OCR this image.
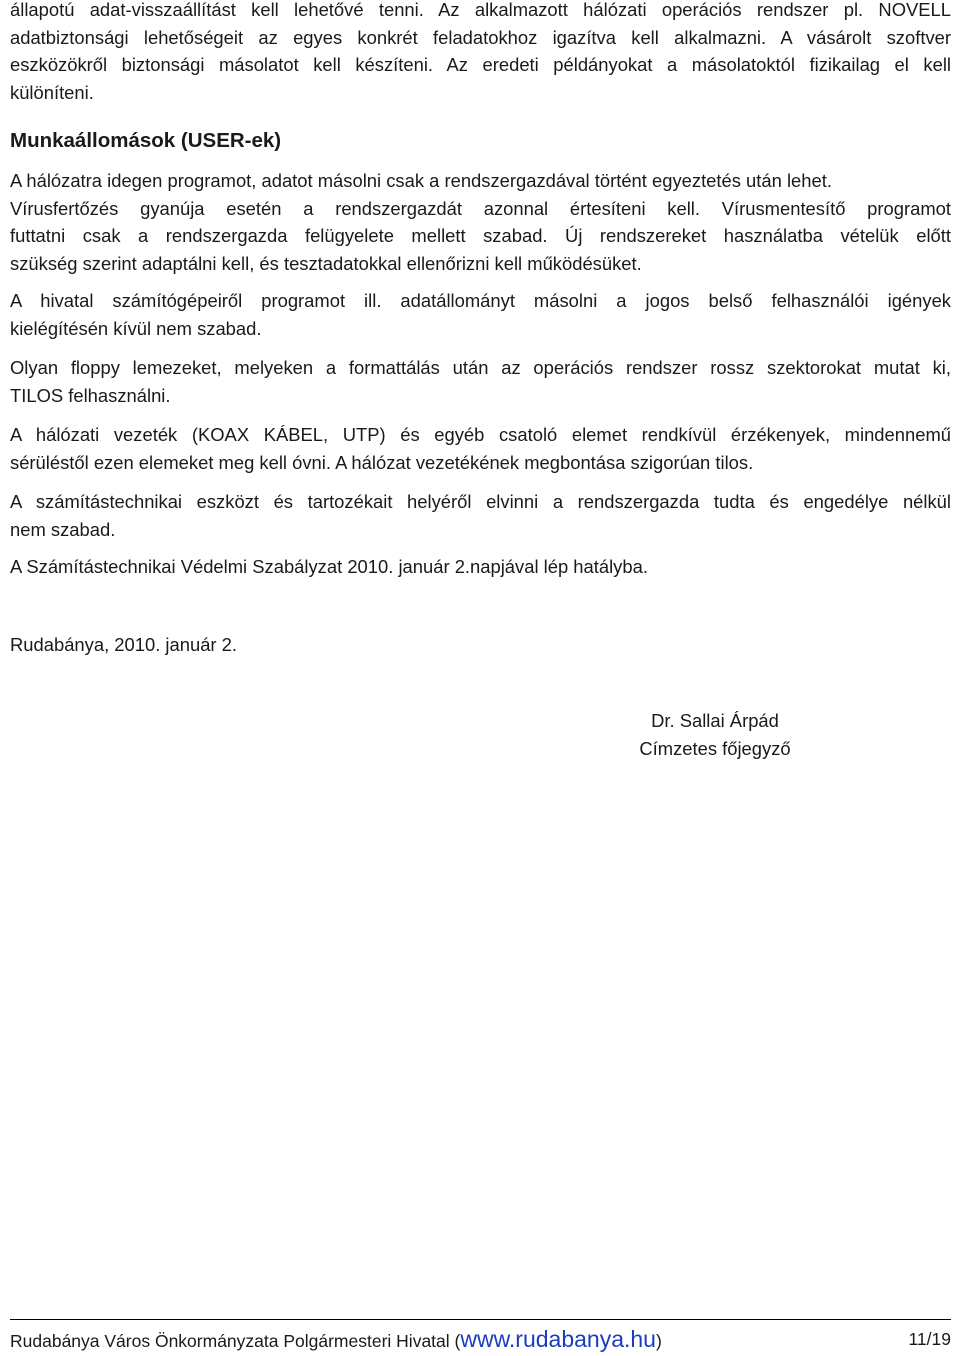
állapotú adat-visszaállítást kell lehetővé tenni. Az alkalmazott hálózati operációs rendszer pl. NOVELL

adatbiztonsági lehetőségeit az egyes konkrét feladatokhoz igazítva kell alkalmazni. A vásárolt szoftver

eszközökről biztonsági másolatot kell készíteni. Az eredeti példányokat a másolatoktól fizikailag el kell

különíteni.

Munkaállomások (USER-ek)

A hálózatra idegen programot, adatot másolni csak a rendszergazdával történt egyeztetés után lehet.

Vírusfertőzés gyanúja esetén a rendszergazdát azonnal értesíteni kell. Vírusmentesítő programot

futtatni csak a rendszergazda felügyelete mellett szabad. Új rendszereket használatba vételük előtt

szükség szerint adaptálni kell, és tesztadatokkal ellenőrizni kell működésüket.

A hivatal számítógépeiről programot ill. adatállományt másolni a jogos belső felhasználói igények

kielégítésén kívül nem szabad.

Olyan floppy lemezeket, melyeken a formattálás után az operációs rendszer rossz szektorokat mutat ki,

TILOS felhasználni.

A hálózati vezeték (KOAX KÁBEL, UTP) és egyéb csatoló elemet rendkívül érzékenyek, mindennemű

sérüléstől ezen elemeket meg kell óvni. A hálózat vezetékének megbontása szigorúan tilos.

A számítástechnikai eszközt és tartozékait helyéről elvinni a rendszergazda tudta és engedélye nélkül

nem szabad.

A Számítástechnikai Védelmi Szabályzat 2010. január 2.napjával lép hatályba.

Rudabánya, 2010. január 2.

Dr. Sallai Árpád

Címzetes főjegyző

Rudabánya Város Önkormányzata Polgármesteri Hivatal (www.rudabanya.hu)	11/19
